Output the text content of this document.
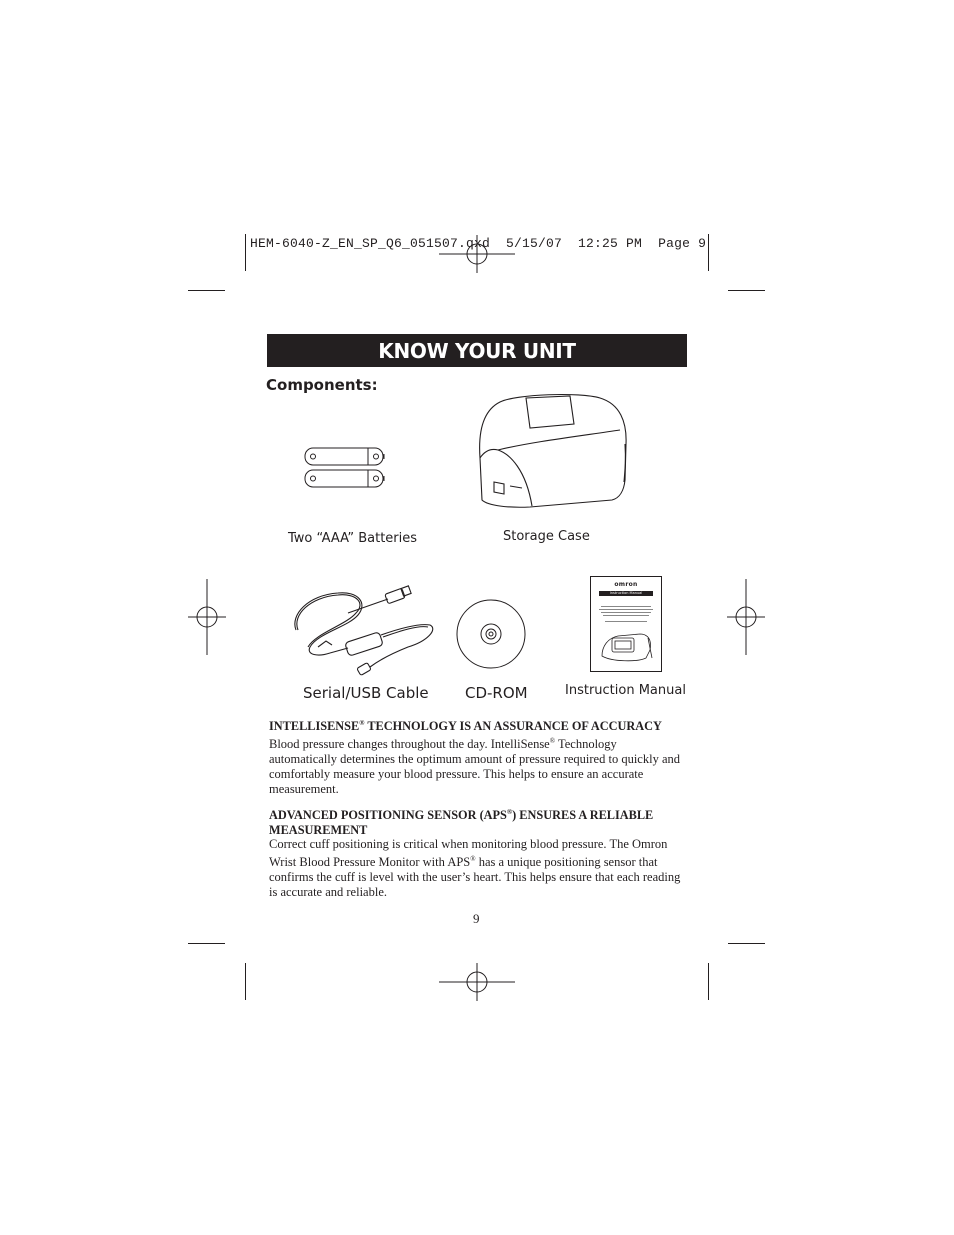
HEM-6040-Z_EN_SP_Q6_051507.qxd  5/15/07  12:25 PM  Page 9
KNOW YOUR UNIT
Components:
Two “AAA” Batteries	Storage Case
Serial/USB Cable CD-ROM
omron
Instruction Manual
Instruction Manual
INTELLISENSE® TECHNOLOGY IS AN ASSURANCE OF ACCURACY
Blood pressure changes throughout the day. IntelliSense® Technology automatically determines the optimum amount of pressure required to quickly and comfortably measure your blood pressure. This helps to ensure an accurate measurement.
ADVANCED POSITIONING SENSOR (APS®) ENSURES A RELIABLE MEASUREMENT
Correct cuff positioning is critical when monitoring blood pressure. The Omron Wrist Blood Pressure Monitor with APS® has a unique positioning sensor that confirms the cuff is level with the user’s heart. This helps ensure that each reading is accurate and reliable.
9
